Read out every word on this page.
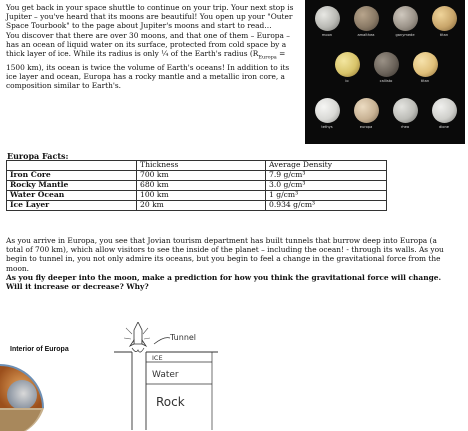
You get back in your space shuttle to continue on your trip. Your next stop is Jupiter – you've heard that its moons are beautiful! You open up your "Outer Space Tourbook" to the page about Jupiter's moons and start to read…

You discover that there are over 30 moons, and that one of them – Europa – has an ocean of liquid water on its surface, protected from cold space by a thick layer of ice. While its radius is only ¼ of the Earth's radius ($R_{Europa} = 1500$ km), its ocean is twice the volume of Earth's oceans! In addition to its ice layer and ocean, Europa has a rocky mantle and a metallic iron core, a composition similar to Earth's.

moon	amalthea	ganymede	titan
io	callisto	titan
tethys	europa	rhea	dione
Europa Facts:
	Thickness	Average Density
Iron Core	700 km	7.9 g/cm³
Rocky Mantle	680 km	3.0 g/cm³
Water Ocean	100 km	1 g/cm³
Ice Layer	20 km	0.934 g/cm³

As you arrive in Europa, you see that Jovian tourism department has built tunnels that burrow deep into Europa (a total of 700 km), which allow visitors to see the inside of the planet – including the ocean! - through its walls. As you begin to tunnel in, you not only admire its oceans, but you begin to feel a change in the gravitational force from the moon.

As you fly deeper into the moon, make a prediction for how you think the gravitational force will change. Will it increase or decrease? Why?

Interior of Europa
Tunnel
ICE
Water
Rock
